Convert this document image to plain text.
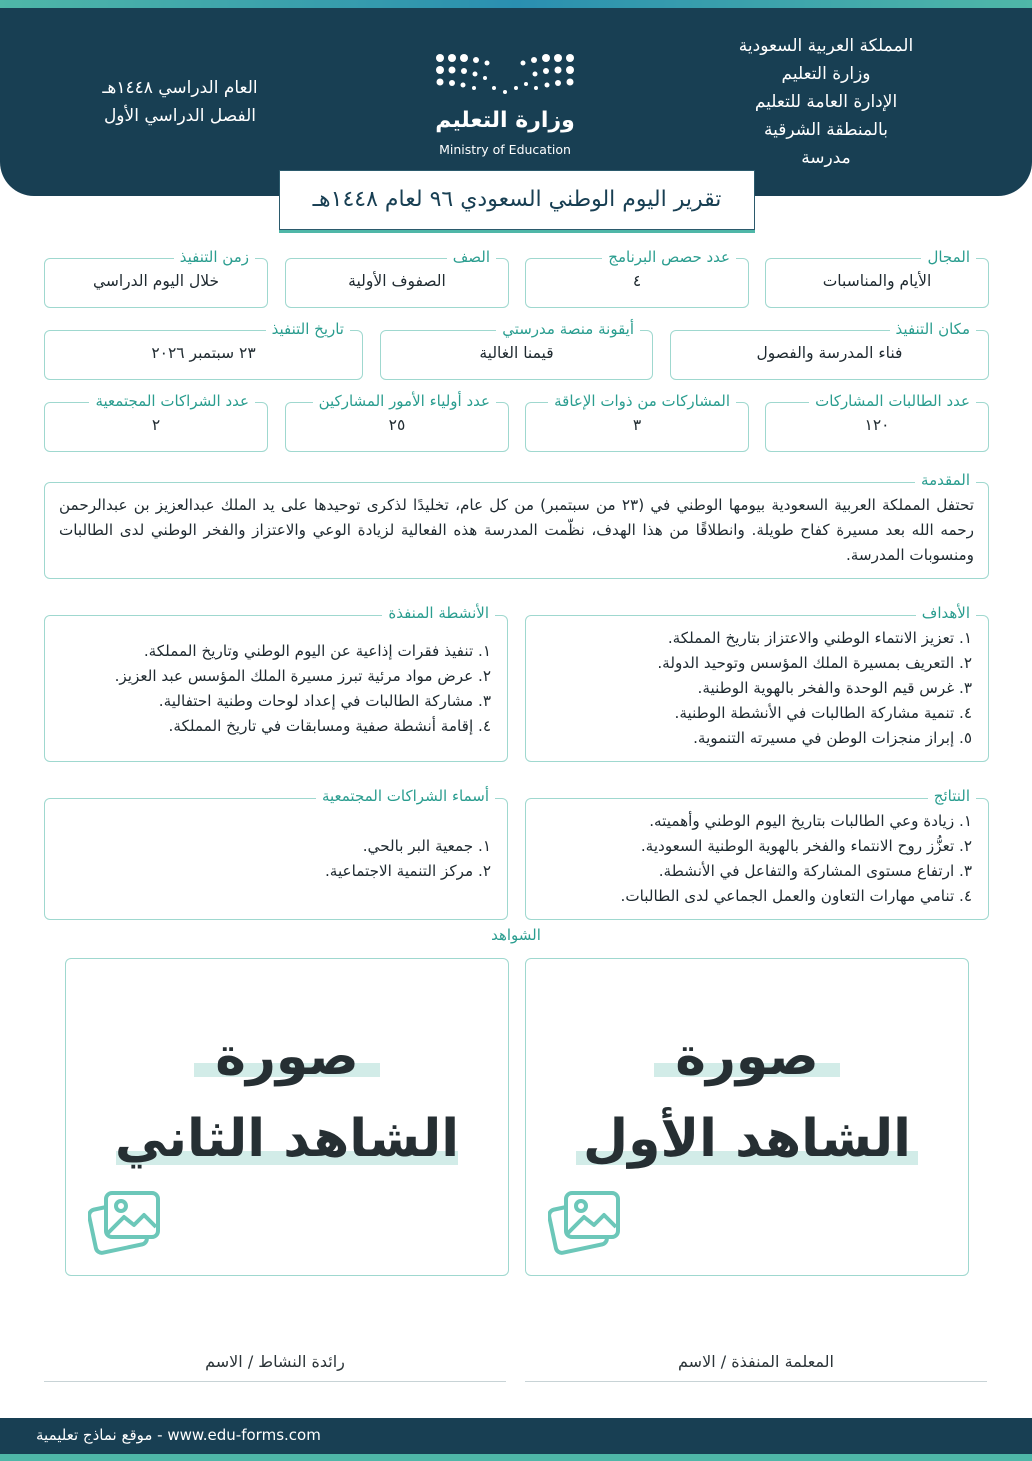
المملكة العربية السعودية
وزارة التعليم
الإدارة العامة للتعليم
بالمنطقة الشرقية
مدرسة
وزارة التعليم
Ministry of Education
العام الدراسي ١٤٤٨هـ
الفصل الدراسي الأول
تقرير اليوم الوطني السعودي ٩٦ لعام ١٤٤٨هـ
المجال
الأيام والمناسبات
عدد حصص البرنامج
٤
الصف
الصفوف الأولية
زمن التنفيذ
خلال اليوم الدراسي
مكان التنفيذ
فناء المدرسة والفصول
أيقونة منصة مدرستي
قيمنا الغالية
تاريخ التنفيذ
٢٣ سبتمبر ٢٠٢٦
عدد الطالبات المشاركات
١٢٠
المشاركات من ذوات الإعاقة
٣
عدد أولياء الأمور المشاركين
٢٥
عدد الشراكات المجتمعية
٢
المقدمة
تحتفل المملكة العربية السعودية بيومها الوطني في (٢٣ من سبتمبر) من كل عام، تخليدًا لذكرى توحيدها على يد الملك عبدالعزيز بن عبدالرحمن رحمه الله بعد مسيرة كفاح طويلة. وانطلاقًا من هذا الهدف، نظّمت المدرسة هذه الفعالية لزيادة الوعي والاعتزاز والفخر الوطني لدى الطالبات ومنسوبات المدرسة.
الأهداف
١. تعزيز الانتماء الوطني والاعتزاز بتاريخ المملكة.
٢. التعريف بمسيرة الملك المؤسس وتوحيد الدولة.
٣. غرس قيم الوحدة والفخر بالهوية الوطنية.
٤. تنمية مشاركة الطالبات في الأنشطة الوطنية.
٥. إبراز منجزات الوطن في مسيرته التنموية.
الأنشطة المنفذة
١. تنفيذ فقرات إذاعية عن اليوم الوطني وتاريخ المملكة.
٢. عرض مواد مرئية تبرز مسيرة الملك المؤسس عبد العزيز.
٣. مشاركة الطالبات في إعداد لوحات وطنية احتفالية.
٤. إقامة أنشطة صفية ومسابقات في تاريخ المملكة.
النتائج
١. زيادة وعي الطالبات بتاريخ اليوم الوطني وأهميته.
٢. تعزُّز روح الانتماء والفخر بالهوية الوطنية السعودية.
٣. ارتفاع مستوى المشاركة والتفاعل في الأنشطة.
٤. تنامي مهارات التعاون والعمل الجماعي لدى الطالبات.
أسماء الشراكات المجتمعية
١. جمعية البر بالحي.
٢. مركز التنمية الاجتماعية.
الشواهد
صورة
الشاهد الأول
صورة
الشاهد الثاني
المعلمة المنفذة / الاسم
رائدة النشاط / الاسم
موقع نماذج تعليمية - www.edu-forms.com
